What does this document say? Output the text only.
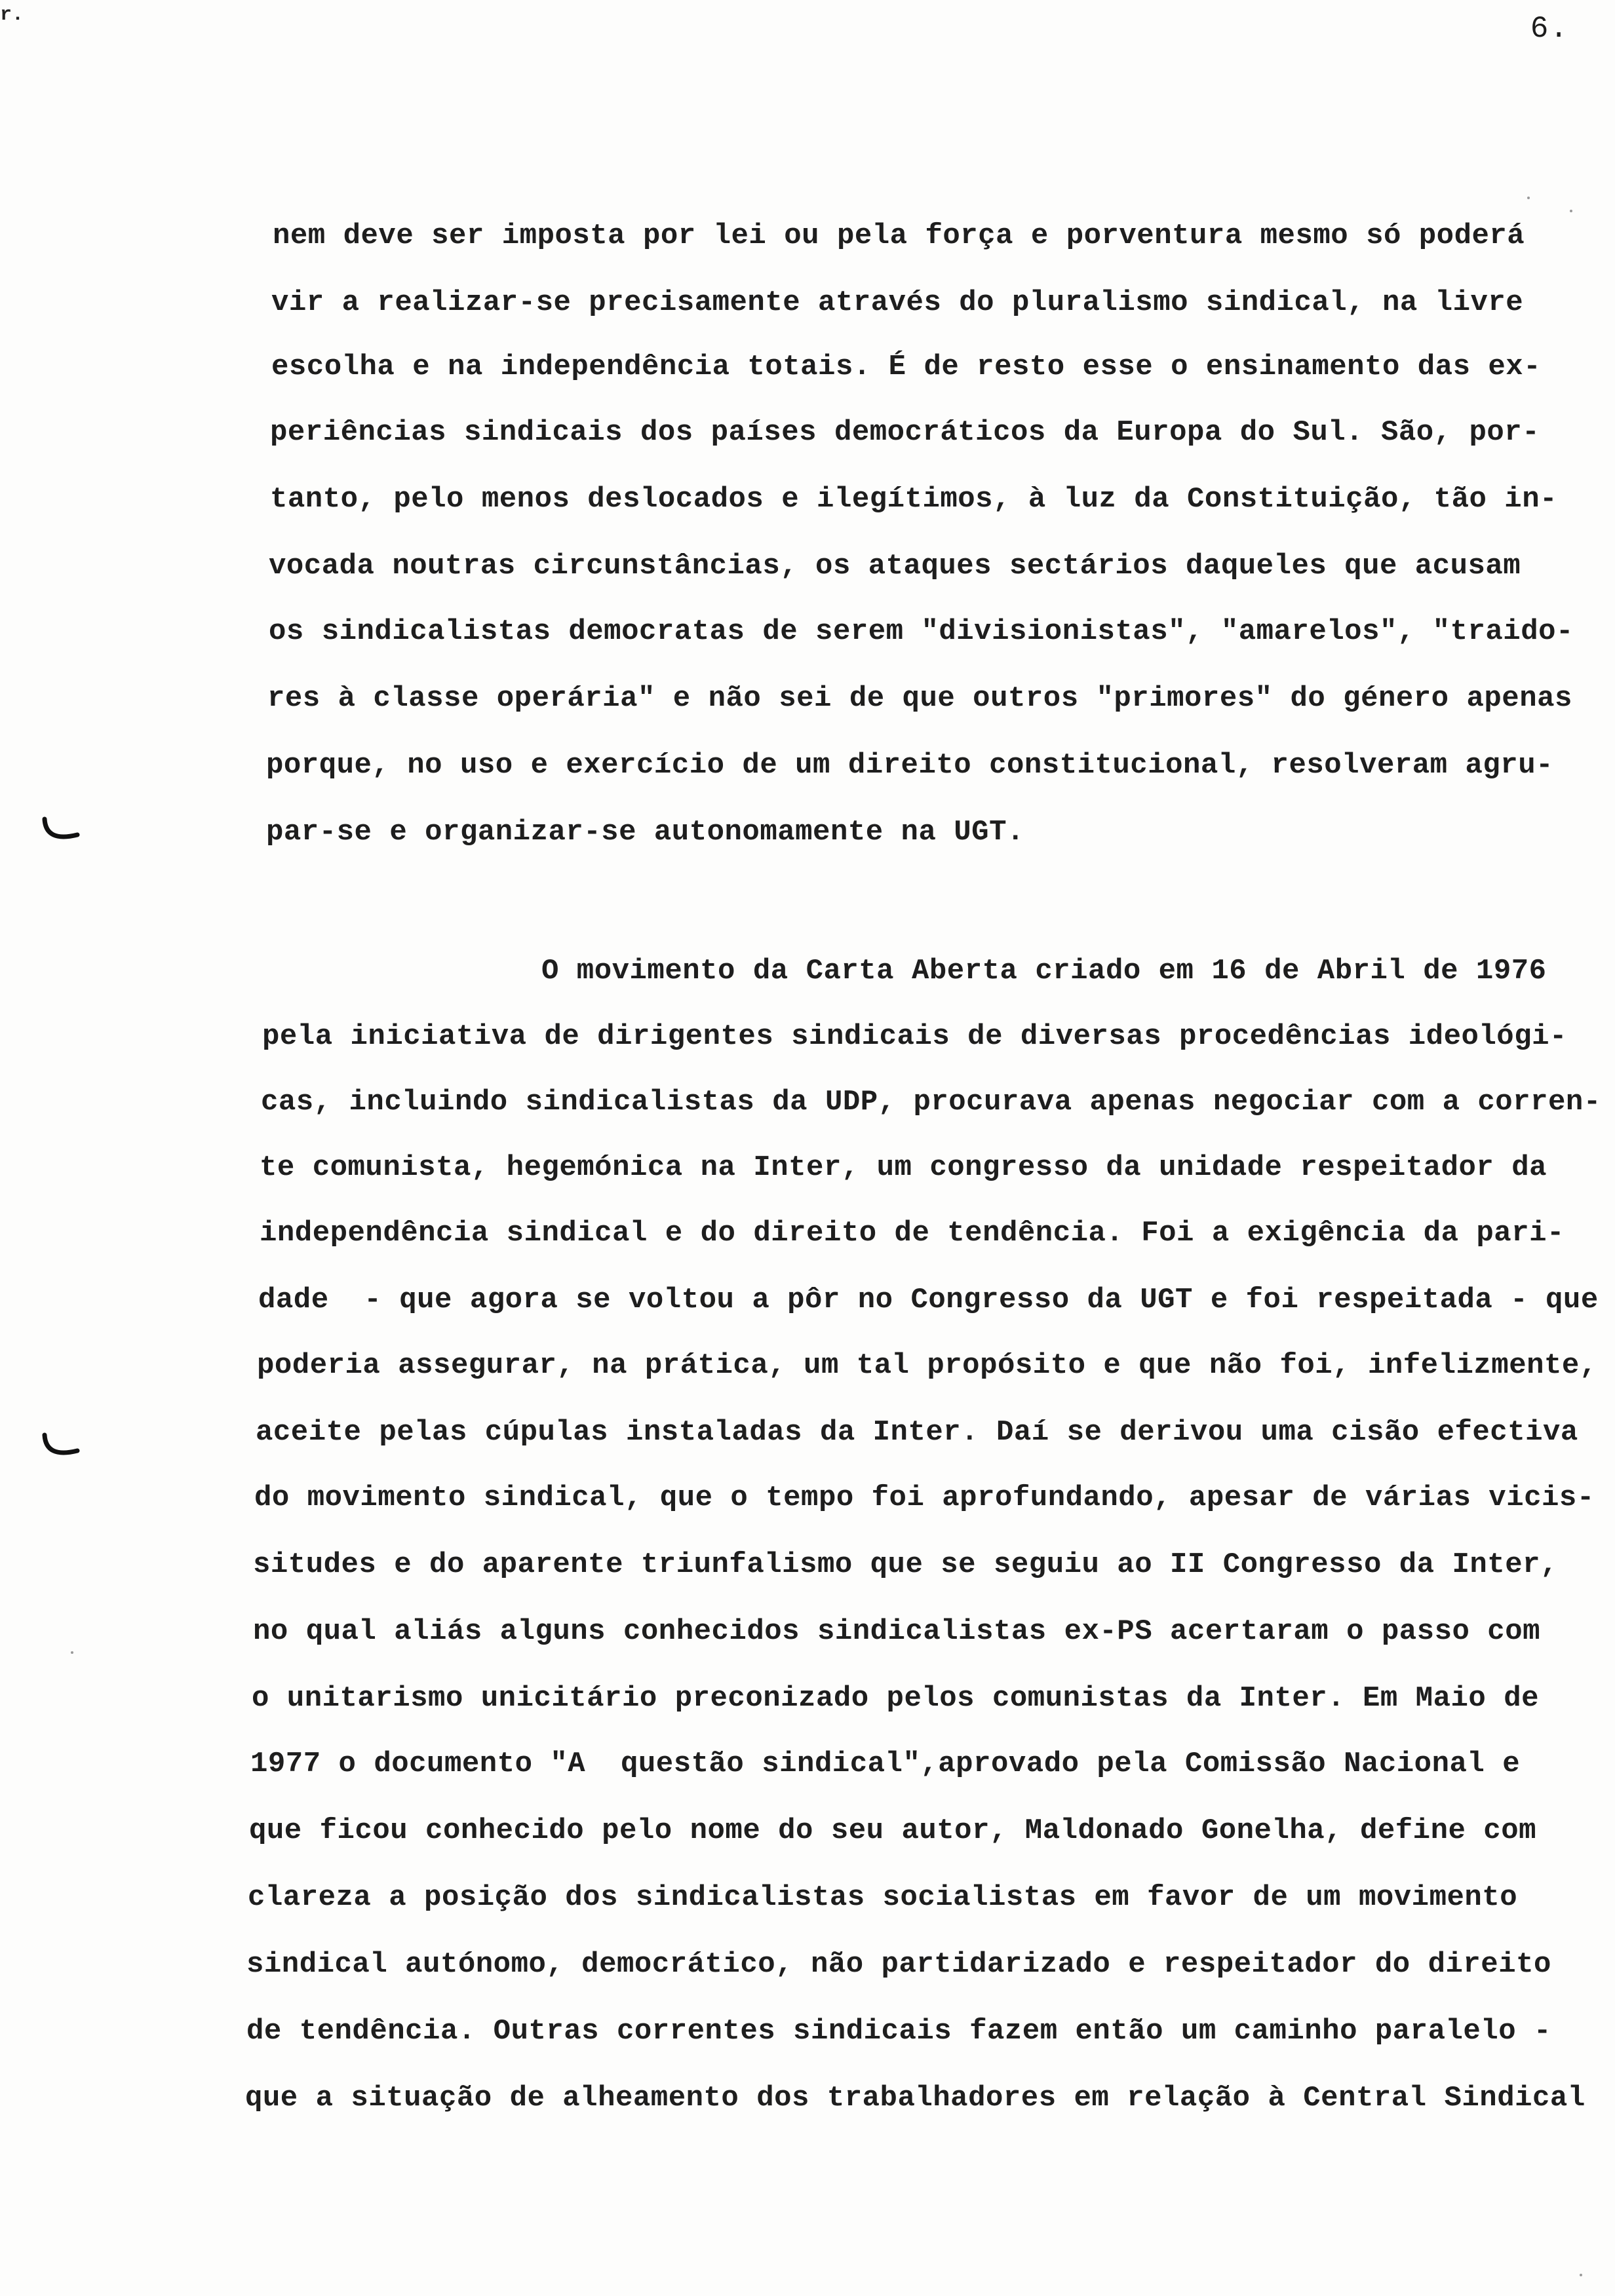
r.	6.
nem deve ser imposta por lei ou pela força e porventura mesmo só poderá
vir a realizar-se precisamente através do pluralismo sindical, na livre
escolha e na independência totais. É de resto esse o ensinamento das ex-
periências sindicais dos países democráticos da Europa do Sul. São, por-
tanto, pelo menos deslocados e ilegítimos, à luz da Constituição, tão in-
vocada noutras circunstâncias, os ataques sectários daqueles que acusam
os sindicalistas democratas de serem "divisionistas", "amarelos", "traido-
res à classe operária" e não sei de que outros "primores" do género apenas
porque, no uso e exercício de um direito constitucional, resolveram agru-
par-se e organizar-se autonomamente na UGT.
O movimento da Carta Aberta criado em 16 de Abril de 1976
pela iniciativa de dirigentes sindicais de diversas procedências ideológi-
cas, incluindo sindicalistas da UDP, procurava apenas negociar com a corren-
te comunista, hegemónica na Inter, um congresso da unidade respeitador da
independência sindical e do direito de tendência. Foi a exigência da pari-
dade  - que agora se voltou a pôr no Congresso da UGT e foi respeitada - que
poderia assegurar, na prática, um tal propósito e que não foi, infelizmente,
aceite pelas cúpulas instaladas da Inter. Daí se derivou uma cisão efectiva
do movimento sindical, que o tempo foi aprofundando, apesar de várias vicis-
situdes e do aparente triunfalismo que se seguiu ao II Congresso da Inter,
no qual aliás alguns conhecidos sindicalistas ex-PS acertaram o passo com
o unitarismo unicitário preconizado pelos comunistas da Inter. Em Maio de
1977 o documento "A  questão sindical",aprovado pela Comissão Nacional e
que ficou conhecido pelo nome do seu autor, Maldonado Gonelha, define com
clareza a posição dos sindicalistas socialistas em favor de um movimento
sindical autónomo, democrático, não partidarizado e respeitador do direito
de tendência. Outras correntes sindicais fazem então um caminho paralelo -
que a situação de alheamento dos trabalhadores em relação à Central Sindical
